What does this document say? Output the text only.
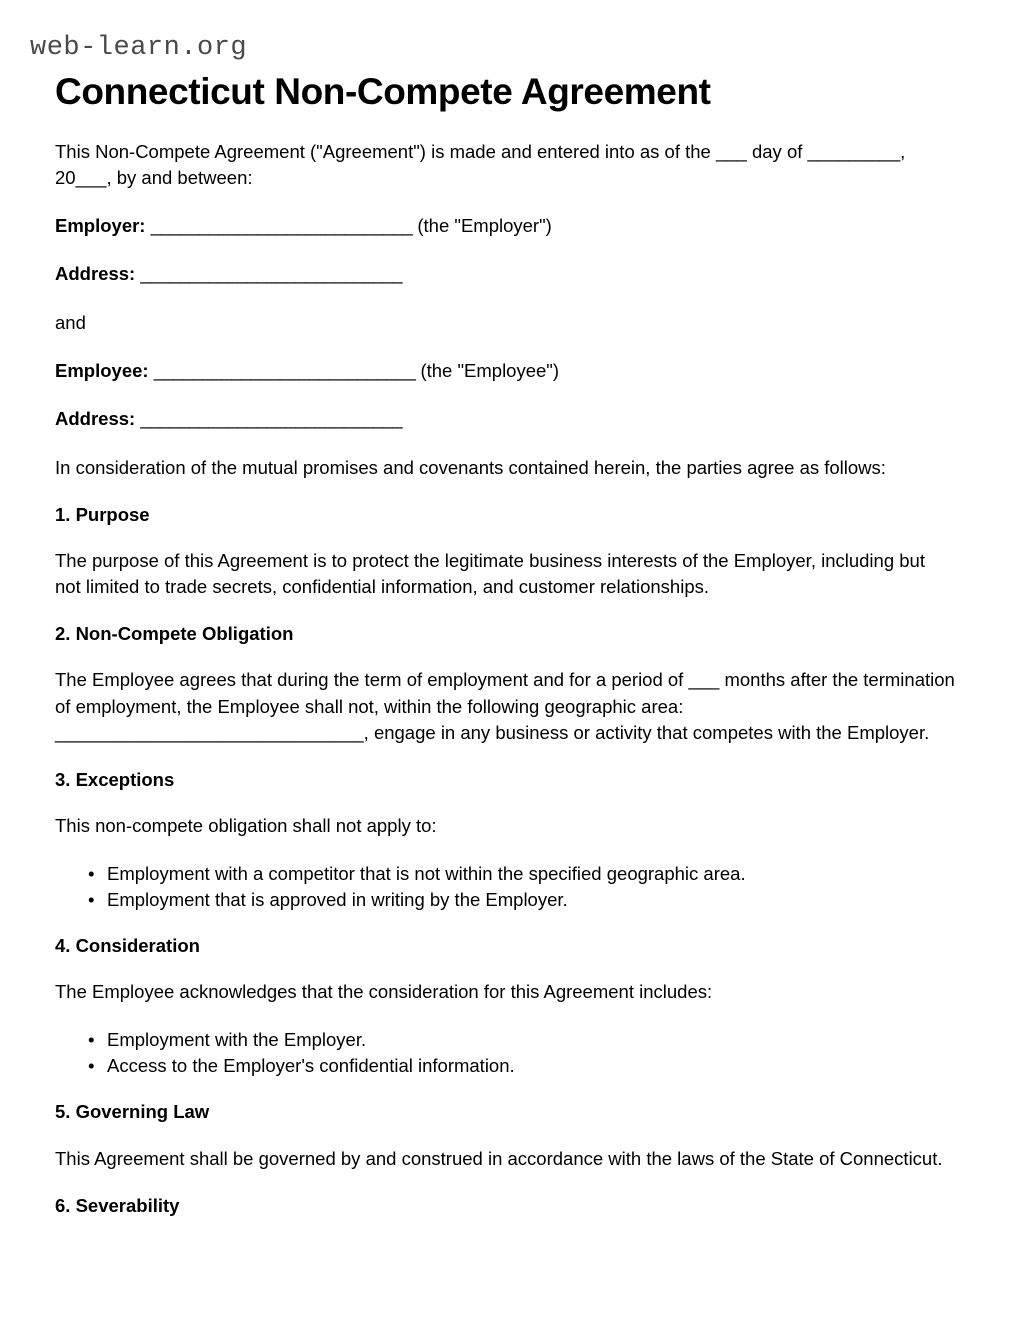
web-learn.org
Connecticut Non-Compete Agreement

This Non-Compete Agreement ("Agreement") is made and entered into as of the ___ day of _________, 20___, by and between:

Employer: ___________________________ (the "Employer")

Address: ___________________________

and

Employee: ___________________________ (the "Employee")

Address: ___________________________

In consideration of the mutual promises and covenants contained herein, the parties agree as follows:

1. Purpose

The purpose of this Agreement is to protect the legitimate business interests of the Employer, including but not limited to trade secrets, confidential information, and customer relationships.

2. Non-Compete Obligation

The Employee agrees that during the term of employment and for a period of ___ months after the termination of employment, the Employee shall not, within the following geographic area: ______________________________, engage in any business or activity that competes with the Employer.

3. Exceptions

This non-compete obligation shall not apply to:

• Employment with a competitor that is not within the specified geographic area.
• Employment that is approved in writing by the Employer.
4. Consideration

The Employee acknowledges that the consideration for this Agreement includes:

• Employment with the Employer.
• Access to the Employer's confidential information.
5. Governing Law

This Agreement shall be governed by and construed in accordance with the laws of the State of Connecticut.

6. Severability
